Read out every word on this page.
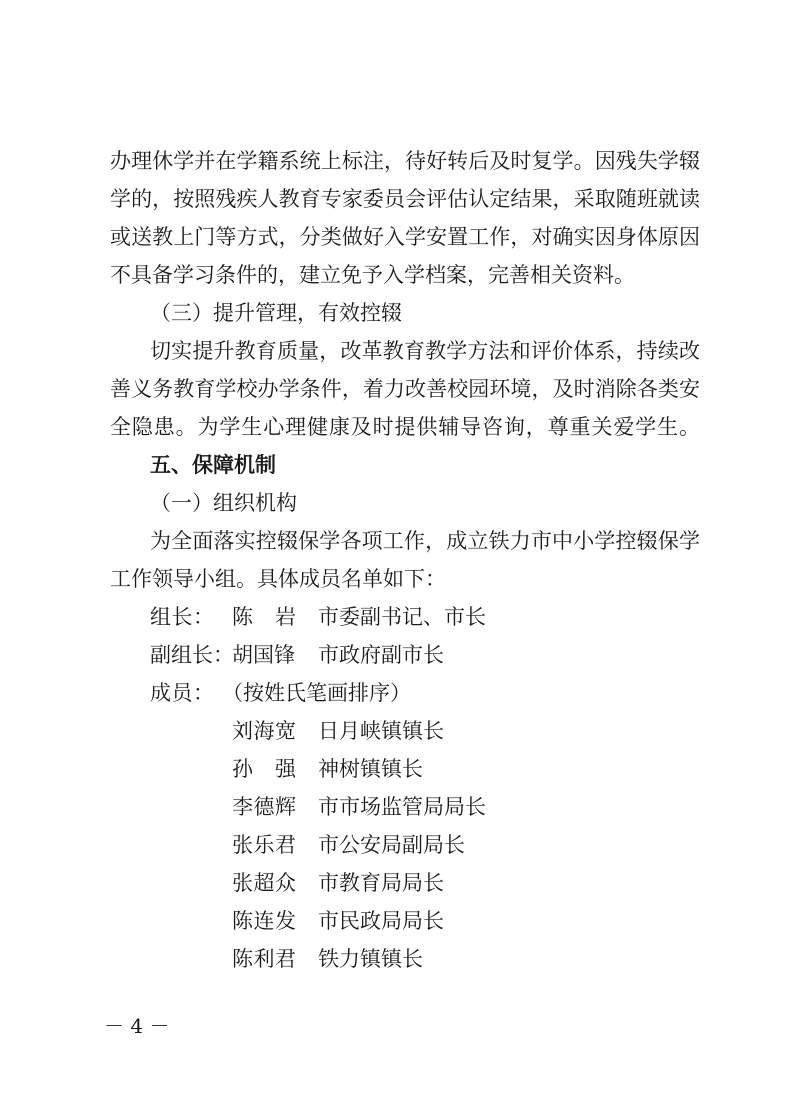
办理休学并在学籍系统上标注，待好转后及时复学。因残失学辍
学的，按照残疾人教育专家委员会评估认定结果，采取随班就读
或送教上门等方式，分类做好入学安置工作，对确实因身体原因
不具备学习条件的，建立免予入学档案，完善相关资料。
（三）提升管理，有效控辍
切实提升教育质量，改革教育教学方法和评价体系，持续改
善义务教育学校办学条件，着力改善校园环境，及时消除各类安
全隐患。为学生心理健康及时提供辅导咨询，尊重关爱学生。
五、保障机制
（一）组织机构
为全面落实控辍保学各项工作，成立铁力市中小学控辍保学
工作领导小组。具体成员名单如下：
组长： 陈岩 市委副书记、市长
副组长：
胡国锋 市政府副市长
成员： （按姓氏笔画排序）
刘海宽 日月峡镇镇长
孙强 神树镇镇长
李德辉 市市场监管局局长
张乐君 市公安局副局长
张超众 市教育局局长
陈连发 市民政局局长
陈利君 铁力镇镇长
－ 4 －
